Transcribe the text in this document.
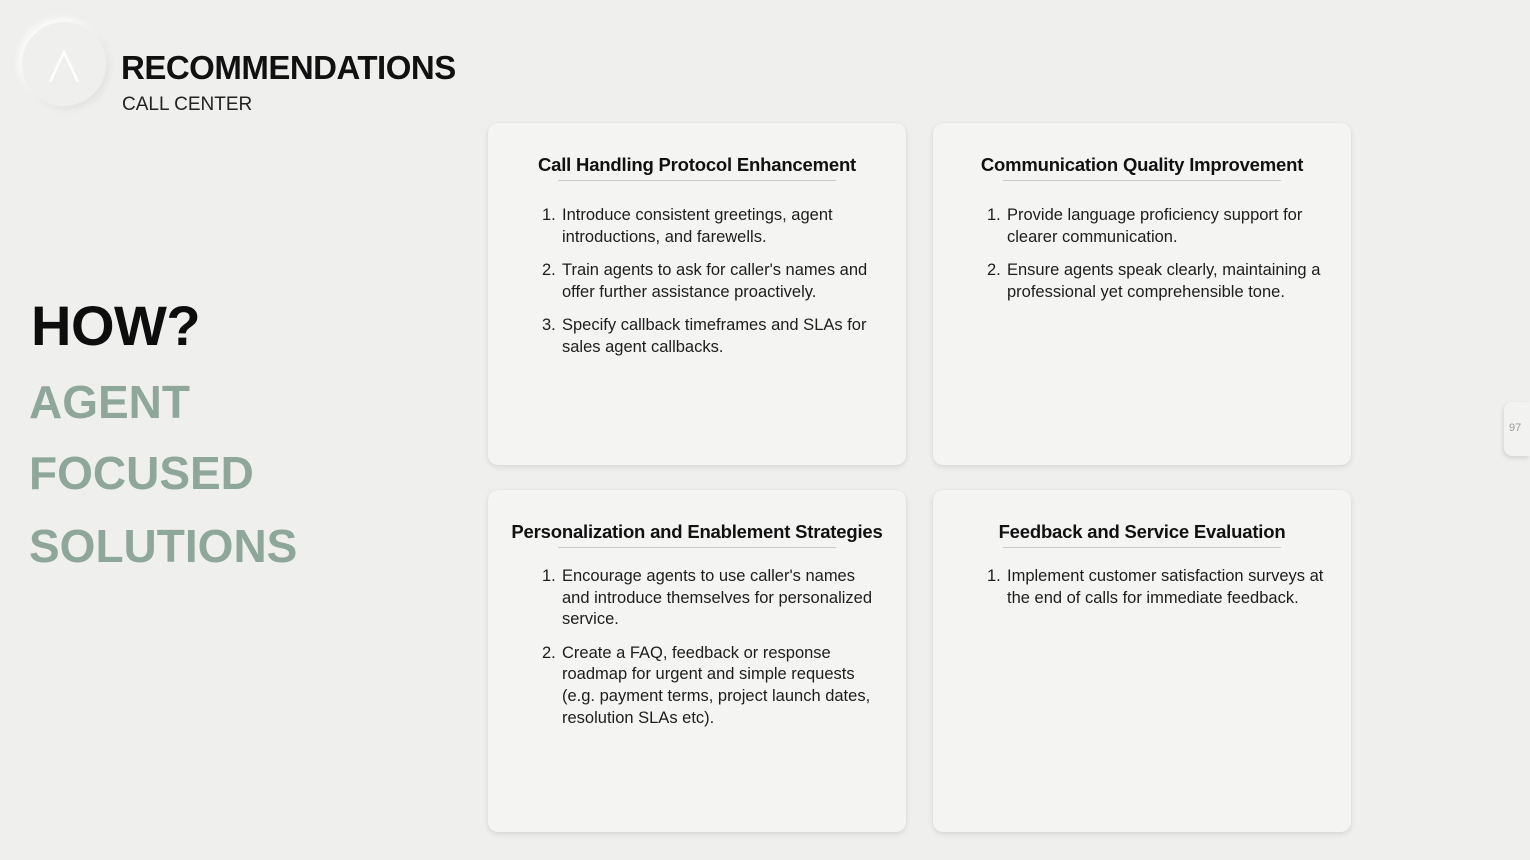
RECOMMENDATIONS

CALL CENTER

HOW?

AGENT

FOCUSED

SOLUTIONS

Call Handling Protocol Enhancement
1. Introduce consistent greetings, agent introductions, and farewells.
2. Train agents to ask for caller's names and offer further assistance proactively.
3. Specify callback timeframes and SLAs for sales agent callbacks.
Communication Quality Improvement
1. Provide language proficiency support for clearer communication.
2. Ensure agents speak clearly, maintaining a professional yet comprehensible tone.
Personalization and Enablement Strategies
1. Encourage agents to use caller's names and introduce themselves for personalized service.
2. Create a FAQ, feedback or response roadmap for urgent and simple requests (e.g. payment terms, project launch dates, resolution SLAs etc).
Feedback and Service Evaluation
1. Implement customer satisfaction surveys at the end of calls for immediate feedback.
97
